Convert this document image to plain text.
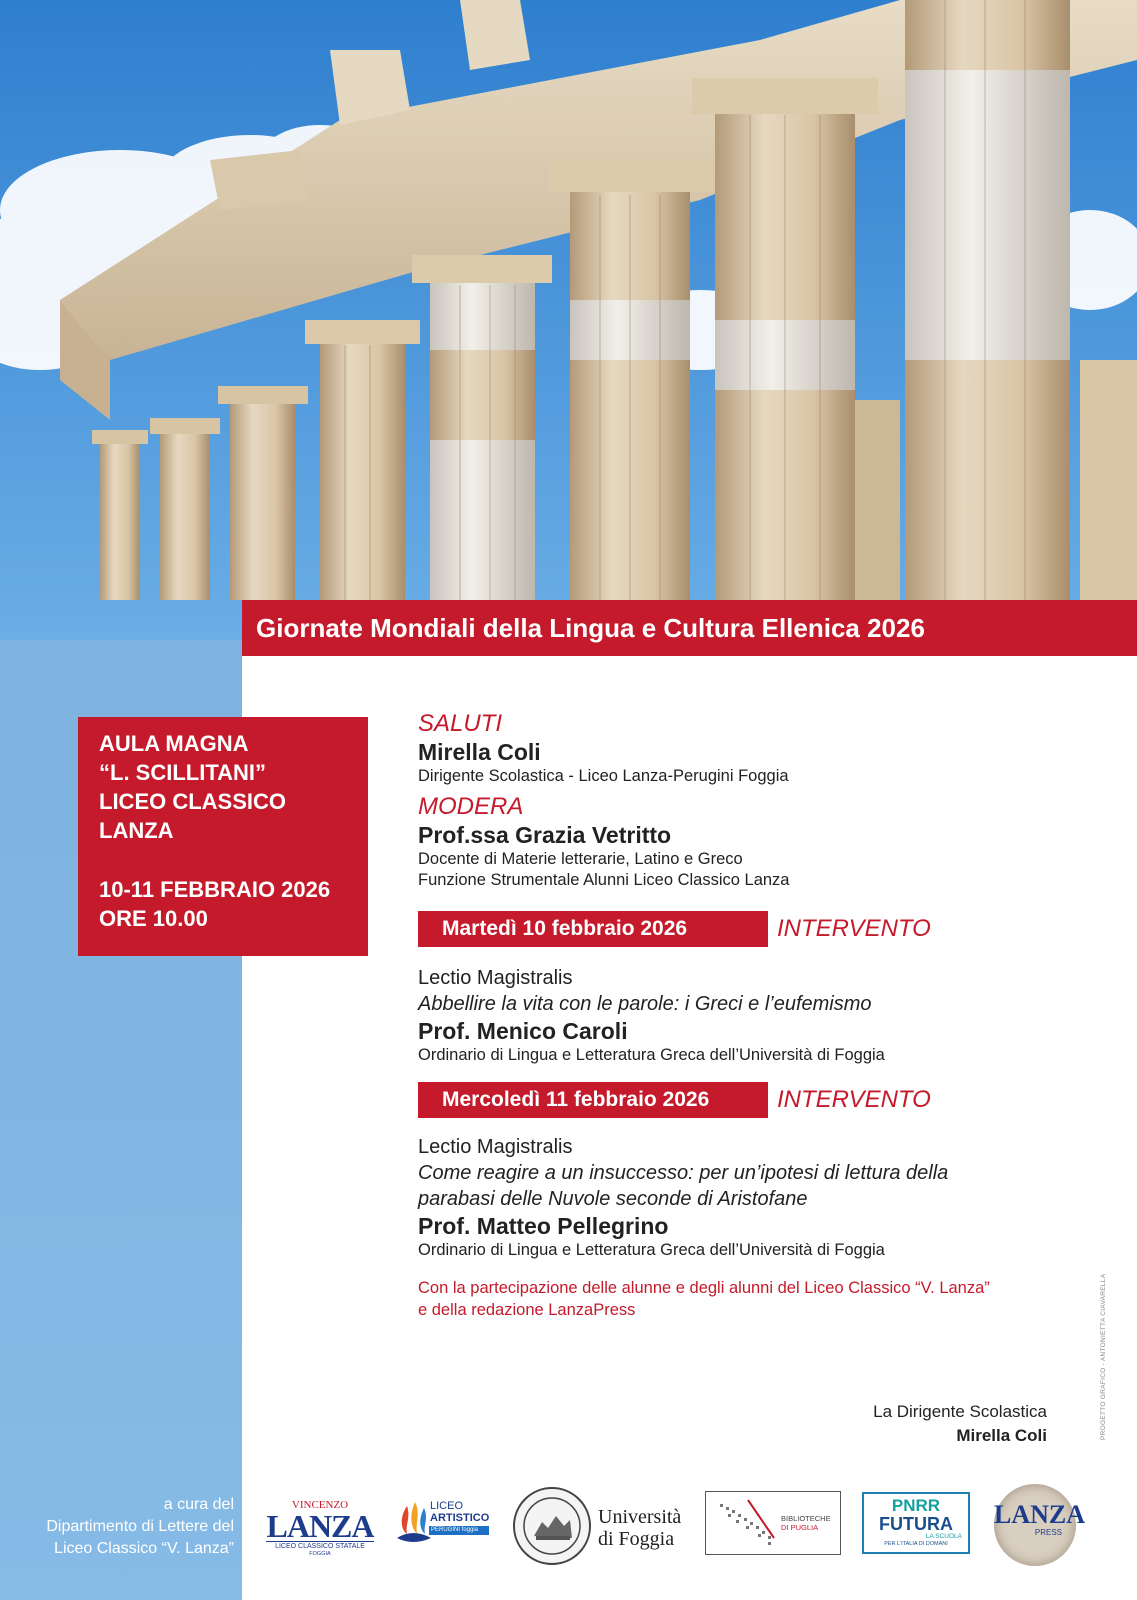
Giornate Mondiali della Lingua e Cultura Ellenica 2026
AULA MAGNA
“L. SCILLITANI”
LICEO CLASSICO
LANZA
10-11 FEBBRAIO 2026
ORE 10.00
SALUTI
Mirella Coli
Dirigente Scolastica - Liceo Lanza-Perugini Foggia
MODERA
Prof.ssa Grazia Vetritto
Docente di Materie letterarie, Latino e Greco
Funzione Strumentale Alunni Liceo Classico Lanza
Martedì 10 febbraio 2026	INTERVENTO
Lectio Magistralis
Abbellire la vita con le parole: i Greci e l’eufemismo
Prof. Menico Caroli
Ordinario di Lingua e Letteratura Greca dell’Università di Foggia
Mercoledì 11 febbraio 2026	INTERVENTO
Lectio Magistralis
Come reagire a un insuccesso: per un’ipotesi di lettura della
parabasi delle Nuvole seconde di Aristofane
Prof. Matteo Pellegrino
Ordinario di Lingua e Letteratura Greca dell’Università di Foggia
Con la partecipazione delle alunne e degli alunni del Liceo Classico “V. Lanza”
e della redazione LanzaPress
La Dirigente Scolastica
Mirella Coli	PROGETTO GRAFICO - ANTONIETTA CIAVARELLA
a cura del
Dipartimento di Lettere del
Liceo Classico “V. Lanza”
VINCENZO
LANZA
LICEO CLASSICO STATALE
FOGGIA
LICEO
ARTISTICO
PERUGINI foggia
Università
di Foggia
BIBLIOTECHE
DI PUGLIA
PNRR
FUTURA
LA SCUOLA
PER L'ITALIA DI DOMANI
LANZA
PRESS
